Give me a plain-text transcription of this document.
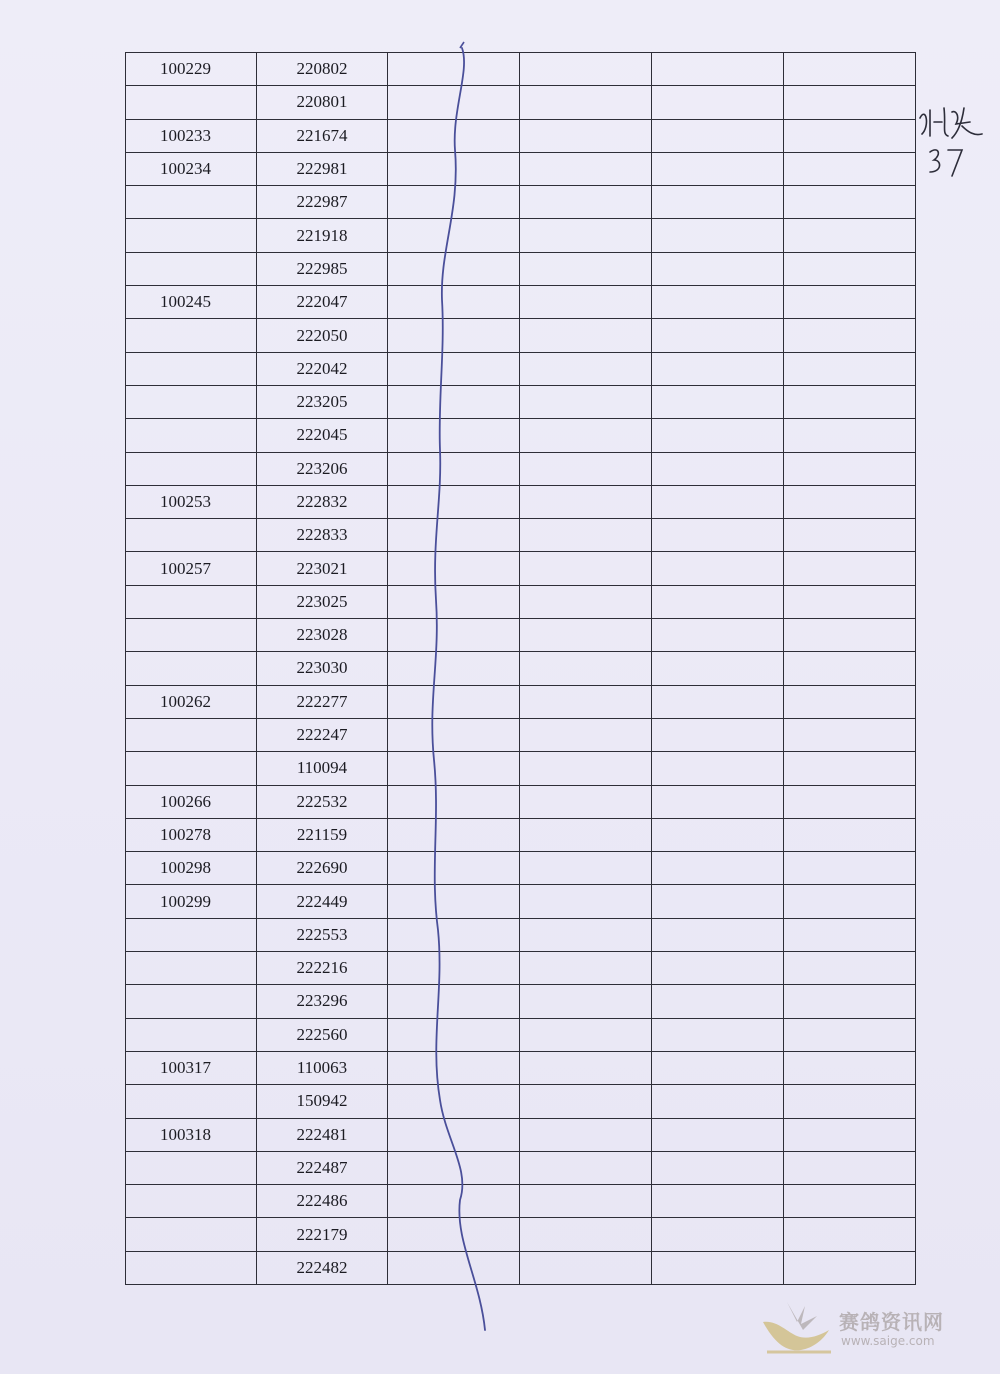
100229	220802				
	220801				
100233	221674				
100234	222981				
	222987				
	221918				
	222985				
100245	222047				
	222050				
	222042				
	223205				
	222045				
	223206				
100253	222832				
	222833				
100257	223021				
	223025				
	223028				
	223030				
100262	222277				
	222247				
	110094				
100266	222532				
100278	221159				
100298	222690				
100299	222449				
	222553				
	222216				
	223296				
	222560				
100317	110063				
	150942				
100318	222481				
	222487				
	222486				
	222179				
	222482				
赛鸽资讯网
www.saige.com
